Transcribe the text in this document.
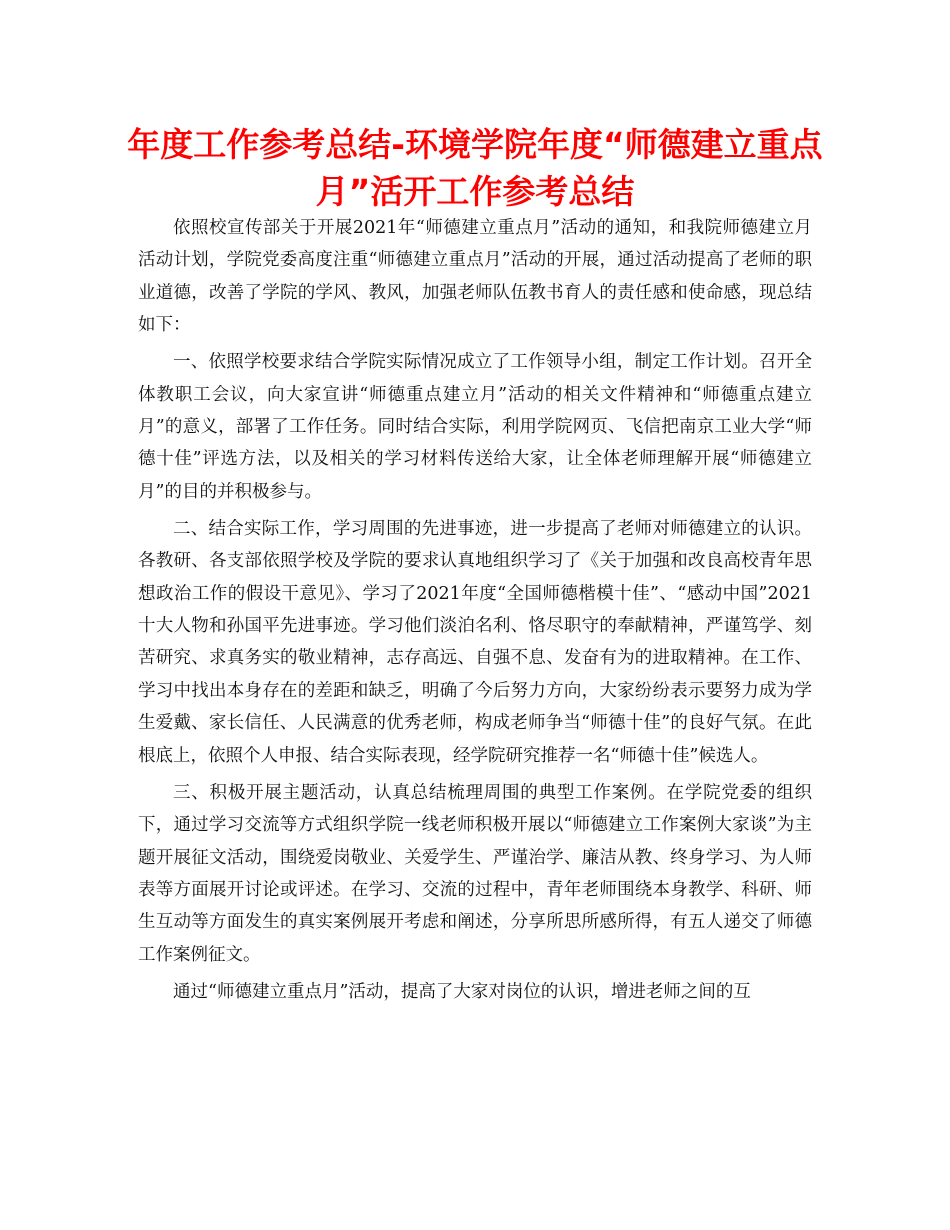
年度工作参考总结-环境学院年度“师德建立重点月”活开工作参考总结

依照校宣传部关于开展2021年“师德建立重点月”活动的通知，和我院师德建立月活动计划，学院党委高度注重“师德建立重点月”活动的开展，通过活动提高了老师的职业道德，改善了学院的学风、教风，加强老师队伍教书育人的责任感和使命感，现总结如下：

一、依照学校要求结合学院实际情况成立了工作领导小组，制定工作计划。召开全体教职工会议，向大家宣讲“师德重点建立月”活动的相关文件精神和“师德重点建立月”的意义，部署了工作任务。同时结合实际，利用学院网页、飞信把南京工业大学“师德十佳”评选方法，以及相关的学习材料传送给大家，让全体老师理解开展“师德建立月”的目的并积极参与。

二、结合实际工作，学习周围的先进事迹，进一步提高了老师对师德建立的认识。各教研、各支部依照学校及学院的要求认真地组织学习了《关于加强和改良高校青年思想政治工作的假设干意见》、学习了2021年度“全国师德楷模十佳”、“感动中国”2021十大人物和孙国平先进事迹。学习他们淡泊名利、恪尽职守的奉献精神，严谨笃学、刻苦研究、求真务实的敬业精神，志存高远、自强不息、发奋有为的进取精神。在工作、学习中找出本身存在的差距和缺乏，明确了今后努力方向，大家纷纷表示要努力成为学生爱戴、家长信任、人民满意的优秀老师，构成老师争当“师德十佳”的良好气氛。在此根底上，依照个人申报、结合实际表现，经学院研究推荐一名“师德十佳”候选人。

三、积极开展主题活动，认真总结梳理周围的典型工作案例。在学院党委的组织下，通过学习交流等方式组织学院一线老师积极开展以“师德建立工作案例大家谈”为主题开展征文活动，围绕爱岗敬业、关爱学生、严谨治学、廉洁从教、终身学习、为人师表等方面展开讨论或评述。在学习、交流的过程中，青年老师围绕本身教学、科研、师生互动等方面发生的真实案例展开考虑和阐述，分享所思所感所得，有五人递交了师德工作案例征文。

通过“师德建立重点月”活动，提高了大家对岗位的认识，增进老师之间的互
